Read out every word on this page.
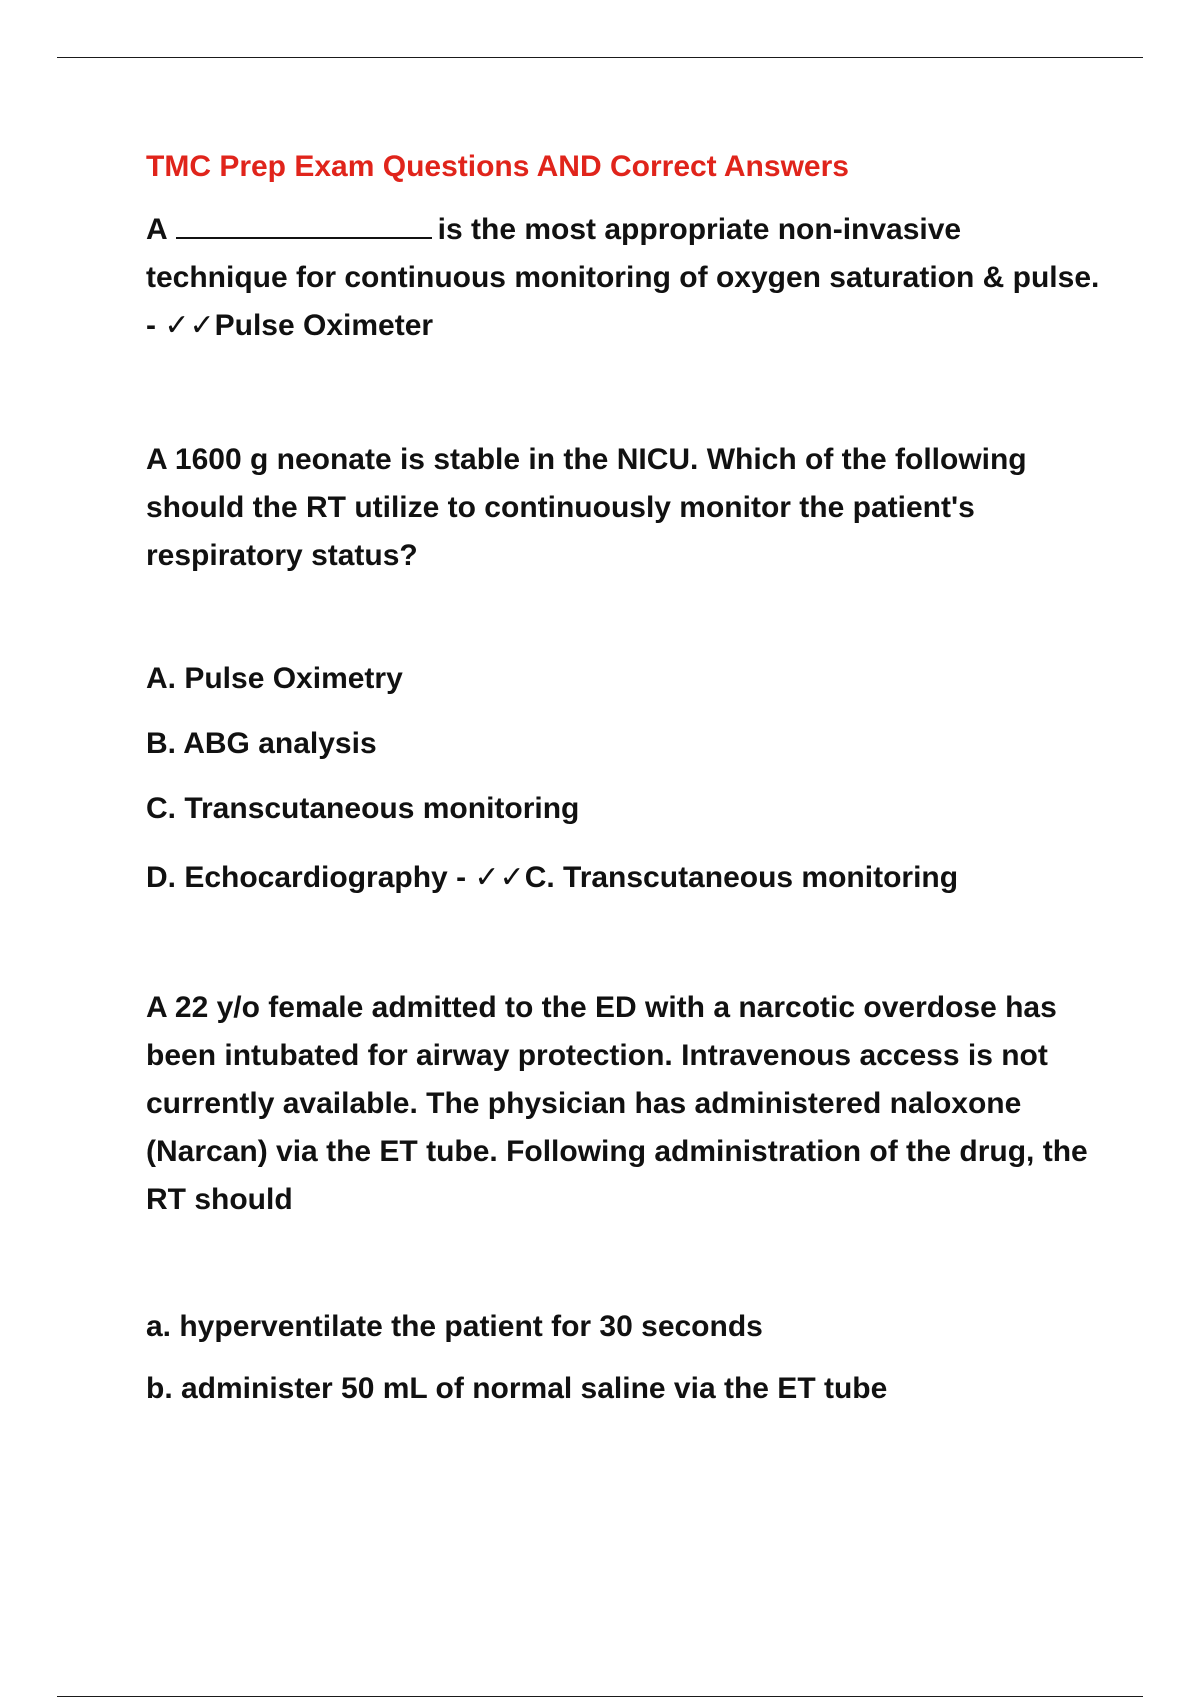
TMC Prep Exam Questions AND Correct Answers

A	is the most appropriate non-invasive technique for continuous monitoring of oxygen saturation & pulse. - ✓✓Pulse Oximeter

A 1600 g neonate is stable in the NICU. Which of the following should the RT utilize to continuously monitor the patient's respiratory status?

A. Pulse Oximetry

B. ABG analysis

C. Transcutaneous monitoring

D. Echocardiography - ✓✓C. Transcutaneous monitoring

A 22 y/o female admitted to the ED with a narcotic overdose has been intubated for airway protection. Intravenous access is not currently available. The physician has administered naloxone (Narcan) via the ET tube. Following administration of the drug, the RT should

a. hyperventilate the patient for 30 seconds

b. administer 50 mL of normal saline via the ET tube
